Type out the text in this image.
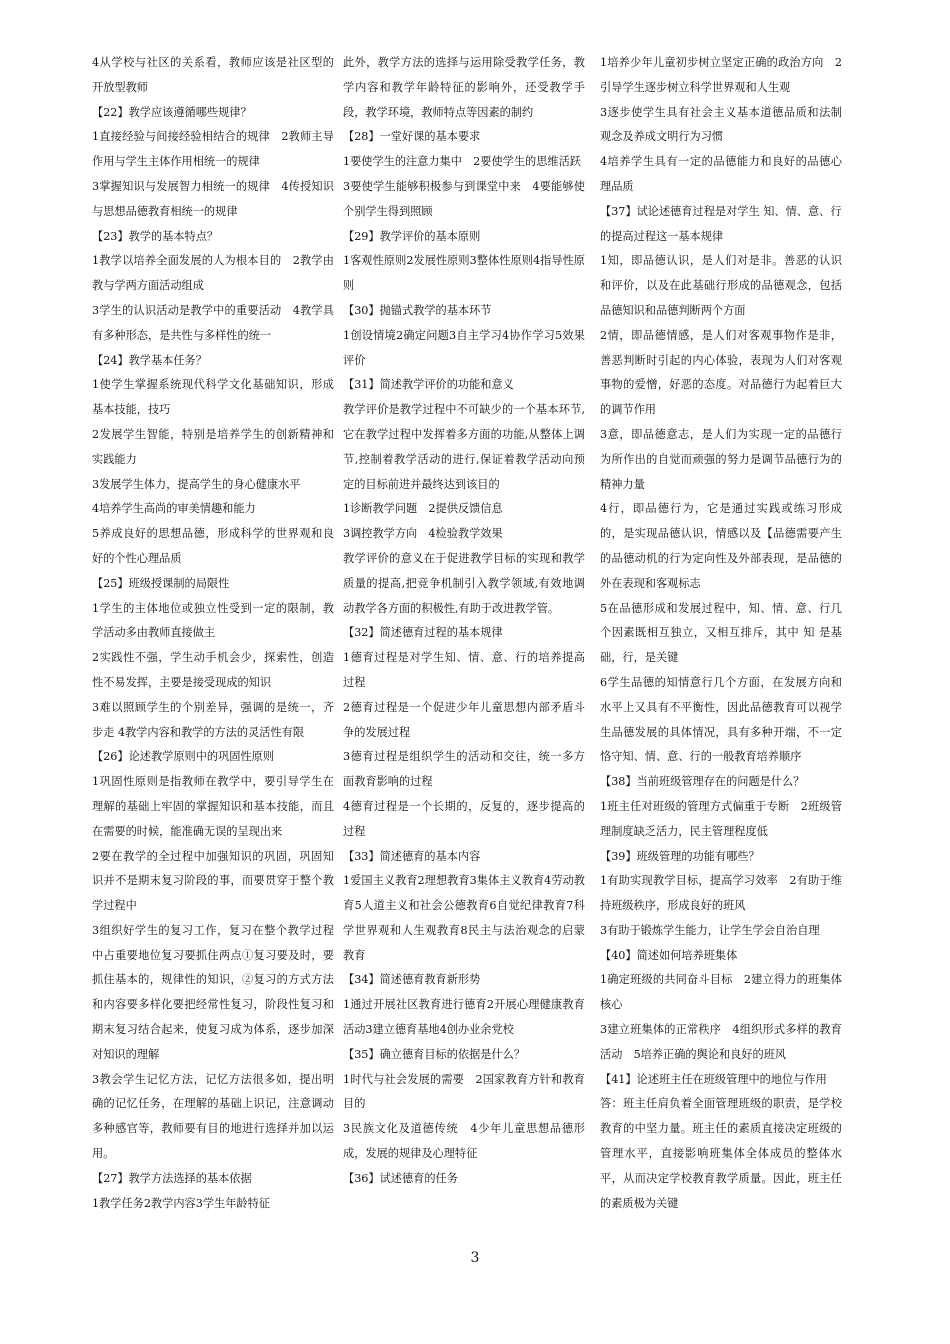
4从学校与社区的关系看，教师应该是社区型的开放型教师

【22】教学应该遵循哪些规律？

1直接经验与间接经验相结合的规律　2教师主导作用与学生主体作用相统一的规律

3掌握知识与发展智力相统一的规律　4传授知识与思想品德教育相统一的规律

【23】教学的基本特点？

1教学以培养全面发展的人为根本目的　2教学由教与学两方面活动组成

3学生的认识活动是教学中的重要活动　4教学具有多种形态，是共性与多样性的统一

【24】教学基本任务？

1使学生掌握系统现代科学文化基础知识，形成基本技能，技巧

2发展学生智能，特别是培养学生的创新精神和实践能力

3发展学生体力，提高学生的身心健康水平

4培养学生高尚的审美情趣和能力

5养成良好的思想品德，形成科学的世界观和良好的个性心理品质

【25】班级授课制的局限性

1学生的主体地位或独立性受到一定的限制，教学活动多由教师直接做主

2实践性不强，学生动手机会少，探索性，创造性不易发挥，主要是接受现成的知识

3难以照顾学生的个别差异，强调的是统一，齐步走 4教学内容和教学的方法的灵活性有限

【26】论述教学原则中的巩固性原则

1巩固性原则是指教师在教学中，要引导学生在理解的基础上牢固的掌握知识和基本技能，而且在需要的时候，能准确无误的呈现出来

2要在教学的全过程中加强知识的巩固，巩固知识并不是期末复习阶段的事，而要贯穿于整个教学过程中

3组织好学生的复习工作，复习在整个教学过程中占重要地位复习要抓住两点①复习要及时，要抓住基本的，规律性的知识，②复习的方式方法和内容要多样化要把经常性复习，阶段性复习和期末复习结合起来，使复习成为体系，逐步加深对知识的理解

3教会学生记忆方法，记忆方法很多如，提出明确的记忆任务，在理解的基础上识记，注意调动多种感官等，教师要有目的地进行选择并加以运用。

【27】教学方法选择的基本依据

1教学任务2教学内容3学生年龄特征

此外，教学方法的选择与运用除受教学任务，教学内容和教学年龄特征的影响外，还受教学手段，教学环境，教师特点等因素的制约

【28】一堂好课的基本要求

1要使学生的注意力集中　2要使学生的思维活跃

3要使学生能够积极参与到课堂中来　4要能够使个别学生得到照顾

【29】教学评价的基本原则

1客观性原则2发展性原则3整体性原则4指导性原则

【30】抛锚式教学的基本环节

1创设情境2确定问题3自主学习4协作学习5效果评价

【31】简述教学评价的功能和意义

教学评价是教学过程中不可缺少的一个基本环节,它在教学过程中发挥着多方面的功能,从整体上调节,控制着教学活动的进行,保证着教学活动向预定的目标前进并最终达到该目的

1诊断教学问题　2提供反馈信息

3调控教学方向　4检验教学效果

教学评价的意义在于促进教学目标的实现和教学质量的提高,把竞争机制引入教学领域,有效地调动教学各方面的积极性,有助于改进教学管。

【32】简述德育过程的基本规律

1德育过程是对学生知、情、意、行的培养提高过程

2德育过程是一个促进少年儿童思想内部矛盾斗争的发展过程

3德育过程是组织学生的活动和交往，统一多方面教育影响的过程

4德育过程是一个长期的，反复的，逐步提高的过程

【33】简述德育的基本内容

1爱国主义教育2理想教育3集体主义教育4劳动教育5人道主义和社会公德教育6自觉纪律教育7科学世界观和人生观教育8民主与法治观念的启蒙教育

【34】简述德育教育新形势

1通过开展社区教育进行德育2开展心理健康教育活动3建立德育基地4创办业余党校

【35】确立德育目标的依据是什么？

1时代与社会发展的需要　2国家教育方针和教育目的

3民族文化及道德传统　4少年儿童思想品德形成，发展的规律及心理特征

【36】试述德育的任务

1培养少年儿童初步树立坚定正确的政治方向　2引导学生逐步树立科学世界观和人生观

3逐步使学生具有社会主义基本道德品质和法制观念及养成文明行为习惯

4培养学生具有一定的品德能力和良好的品德心理品质

【37】试论述德育过程是对学生 知、情、意、行的提高过程这一基本规律

1知，即品德认识，是人们对是非。善恶的认识和评价，以及在此基础行形成的品德观念，包括品德知识和品德判断两个方面

2情，即品德情感，是人们对客观事物作是非，善恶判断时引起的内心体验，表现为人们对客观事物的爱憎，好恶的态度。对品德行为起着巨大的调节作用

3意，即品德意志，是人们为实现一定的品德行为所作出的自觉而顽强的努力是调节品德行为的精神力量

4行，即品德行为，它是通过实践或练习形成的，是实现品德认识，情感以及【品德需要产生的品德动机的行为定向性及外部表现，是品德的外在表现和客观标志

5在品德形成和发展过程中，知、情、意、行几个因素既相互独立，又相互排斥，其中 知 是基础，行，是关键

6学生品德的知情意行几个方面，在发展方向和水平上又具有不平衡性，因此品德教育可以视学生品德发展的具体情况，具有多种开端，不一定恪守知、情、意、行的一般教育培养顺序

【38】当前班级管理存在的问题是什么？

1班主任对班级的管理方式偏重于专断　2班级管理制度缺乏活力，民主管理程度低

【39】班级管理的功能有哪些？

1有助实现教学目标，提高学习效率　2有助于维持班级秩序，形成良好的班风

3有助于锻炼学生能力，让学生学会自治自理

【40】简述如何培养班集体

1确定班级的共同奋斗目标　2建立得力的班集体核心

3建立班集体的正常秩序　4组织形式多样的教育活动　5培养正确的舆论和良好的班风

【41】论述班主任在班级管理中的地位与作用

答：班主任肩负着全面管理班级的职责，是学校教育的中坚力量。班主任的素质直接决定班级的管理水平，直接影响班集体全体成员的整体水平，从而决定学校教育教学质量。因此，班主任的素质极为关键

3
